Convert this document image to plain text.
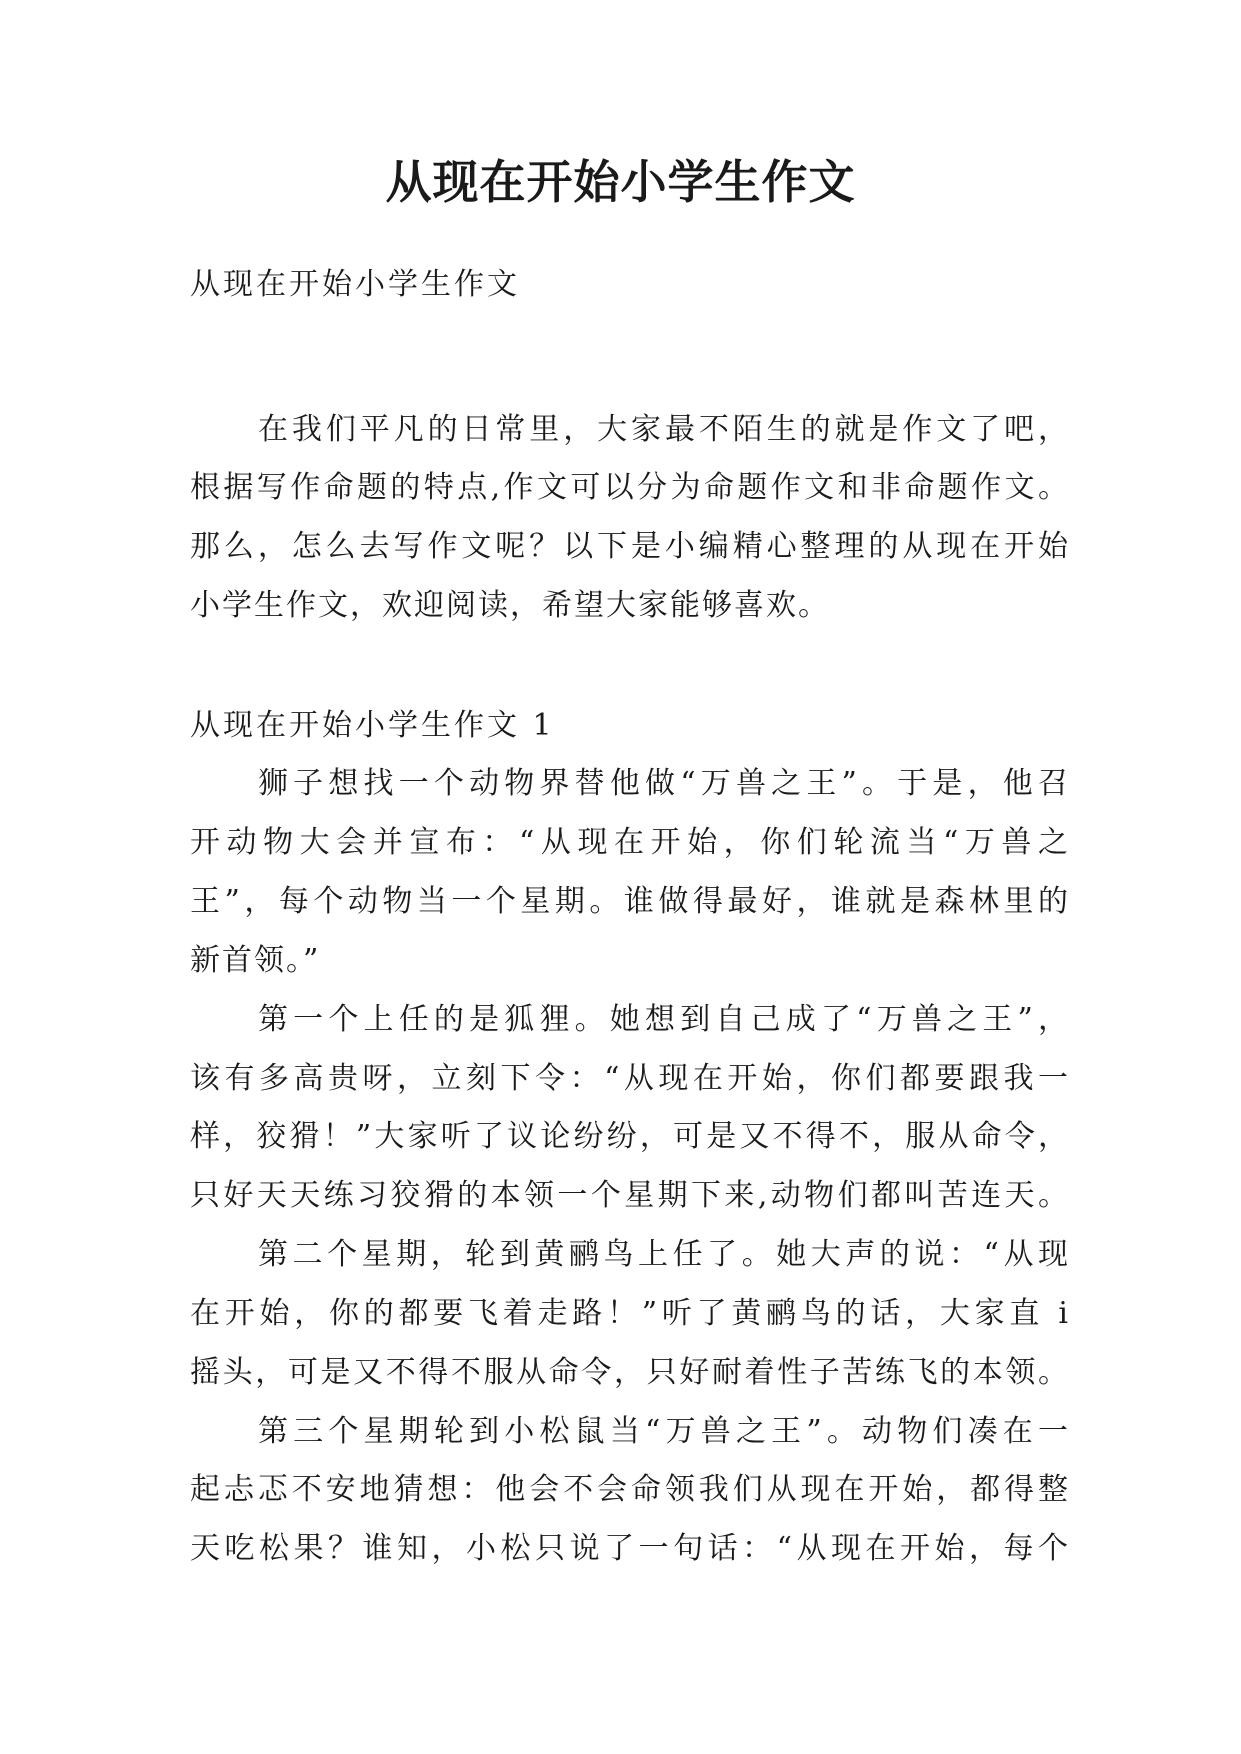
从现在开始小学生作文
从现在开始小学生作文
在我们平凡的日常里，大家最不陌生的就是作文了吧，
根据写作命题的特点,作文可以分为命题作文和非命题作文。
那么，怎么去写作文呢？以下是小编精心整理的从现在开始
小学生作文，欢迎阅读，希望大家能够喜欢。
从现在开始小学生作文 1
狮子想找一个动物界替他做“万兽之王”。于是，他召
开动物大会并宣布：“从现在开始，你们轮流当“万兽之
王”，每个动物当一个星期。谁做得最好，谁就是森林里的
新首领。”
第一个上任的是狐狸。她想到自己成了“万兽之王”，
该有多高贵呀，立刻下令：“从现在开始，你们都要跟我一
样，狡猾！”大家听了议论纷纷，可是又不得不，服从命令，
只好天天练习狡猾的本领一个星期下来,动物们都叫苦连天。
第二个星期，轮到黄鹂鸟上任了。她大声的说：“从现
在开始，你的都要飞着走路！”听了黄鹂鸟的话，大家直 i
摇头，可是又不得不服从命令，只好耐着性子苦练飞的本领。
第三个星期轮到小松鼠当“万兽之王”。动物们凑在一
起忐忑不安地猜想：他会不会命领我们从现在开始，都得整
天吃松果？谁知，小松只说了一句话：“从现在开始，每个
